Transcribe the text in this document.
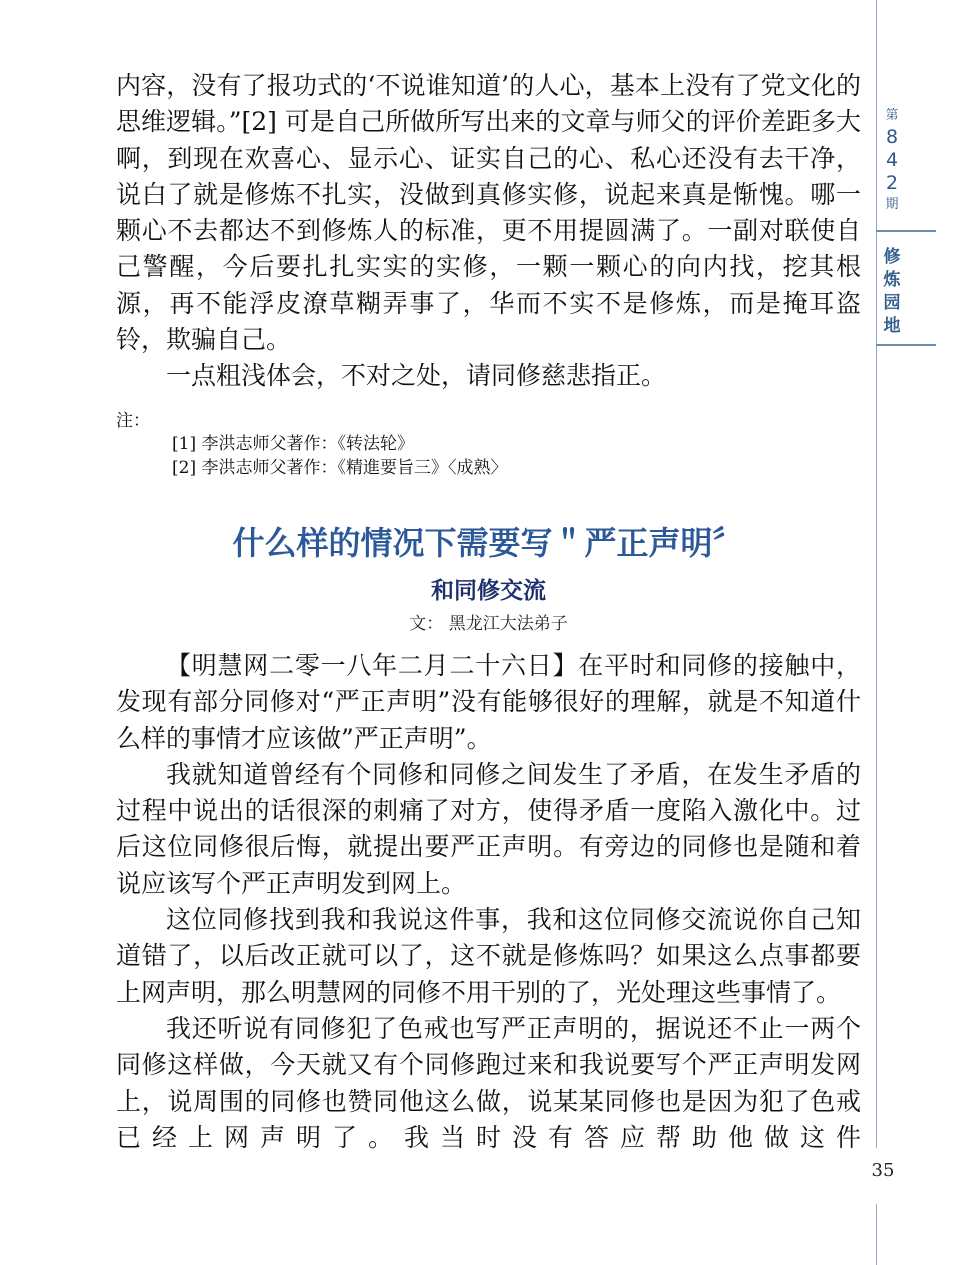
第
8
4
2
期
修
炼
园
地

内容，没有了报功式的‘不说谁知道’的人心，基本上没有了党文化的思维逻辑。”[2] 可是自己所做所写出来的文章与师父的评价差距多大啊，到现在欢喜心、显示心、证实自己的心、私心还没有去干净，说白了就是修炼不扎实，没做到真修实修，说起来真是惭愧。哪一颗心不去都达不到修炼人的标准，更不用提圆满了。一副对联使自己警醒，今后要扎扎实实的实修，一颗一颗心的向内找，挖其根源，再不能浮皮潦草糊弄事了，华而不实不是修炼，而是掩耳盗铃，欺骗自己。

一点粗浅体会，不对之处，请同修慈悲指正。

注：
[1] 李洪志师父著作：《转法轮》
[2] 李洪志师父著作：《精進要旨三》〈成熟〉
什么样的情况下需要写＂严正声明〞
和同修交流
文： 黑龙江大法弟子

【明慧网二零一八年二月二十六日】在平时和同修的接触中，发现有部分同修对“严正声明”没有能够很好的理解，就是不知道什么样的事情才应该做”严正声明”。

我就知道曾经有个同修和同修之间发生了矛盾，在发生矛盾的过程中说出的话很深的刺痛了对方，使得矛盾一度陷入激化中。过后这位同修很后悔，就提出要严正声明。有旁边的同修也是随和着说应该写个严正声明发到网上。

这位同修找到我和我说这件事，我和这位同修交流说你自己知道错了，以后改正就可以了，这不就是修炼吗？如果这么点事都要上网声明，那么明慧网的同修不用干别的了，光处理这些事情了。

我还听说有同修犯了色戒也写严正声明的，据说还不止一两个同修这样做，今天就又有个同修跑过来和我说要写个严正声明发网上，说周围的同修也赞同他这么做，说某某同修也是因为犯了色戒已经上网声明了。我当时没有答应帮助他做这件

35
